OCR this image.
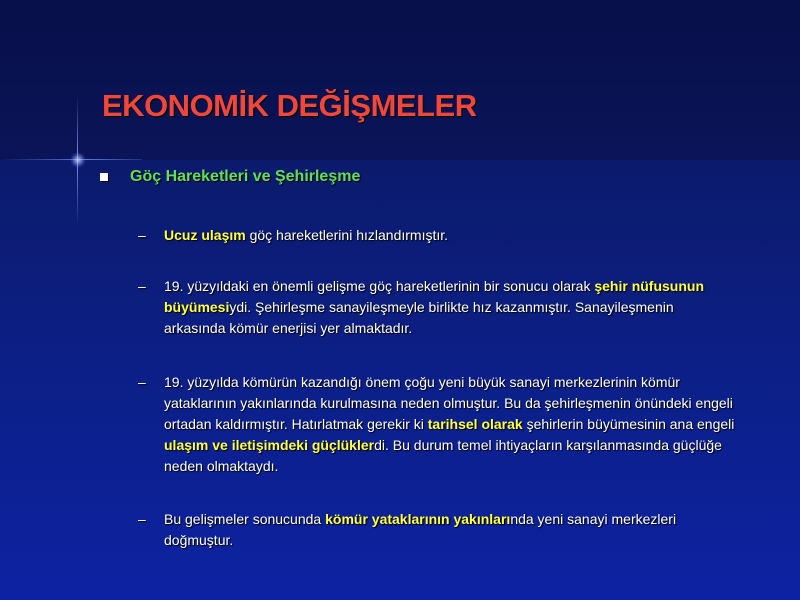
EKONOMİK DEĞİŞMELER
Göç Hareketleri ve Şehirleşme
–	Ucuz ulaşım göç hareketlerini hızlandırmıştır.
–	19. yüzyıldaki en önemli gelişme göç hareketlerinin bir sonucu olarak şehir nüfusunun büyümesiydi. Şehirleşme sanayileşmeyle birlikte hız kazanmıştır. Sanayileşmenin arkasında kömür enerjisi yer almaktadır.
–	19. yüzyılda kömürün kazandığı önem çoğu yeni büyük sanayi merkezlerinin kömür yataklarının yakınlarında kurulmasına neden olmuştur. Bu da şehirleşmenin önündeki engeli ortadan kaldırmıştır. Hatırlatmak gerekir ki tarihsel olarak şehirlerin büyümesinin ana engeli ulaşım ve iletişimdeki güçlüklerdi. Bu durum temel ihtiyaçların karşılanmasında güçlüğe neden olmaktaydı.
–	Bu gelişmeler sonucunda kömür yataklarının yakınlarında yeni sanayi merkezleri doğmuştur.
